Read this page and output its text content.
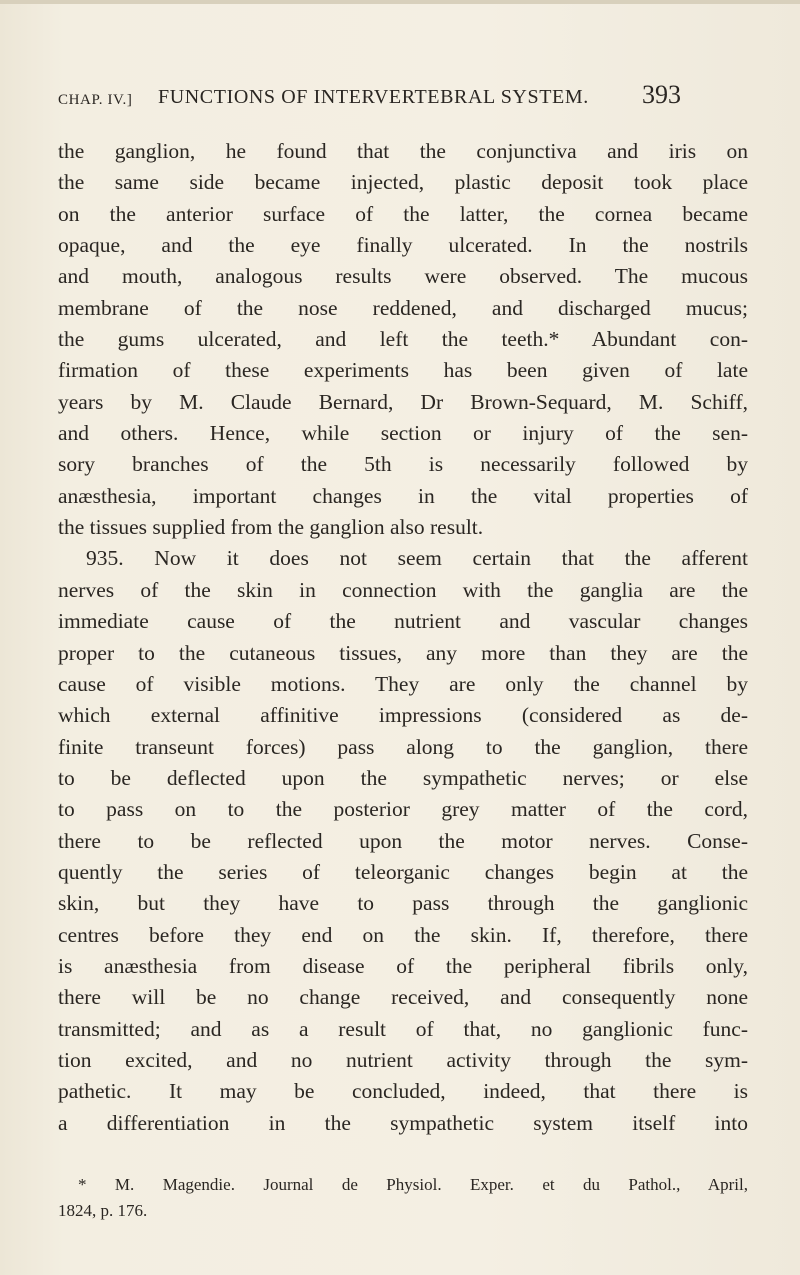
CHAP. IV.] FUNCTIONS OF INTERVERTEBRAL SYSTEM. 393
the ganglion, he found that the conjunctiva and iris on
the same side became injected, plastic deposit took place
on the anterior surface of the latter, the cornea became
opaque, and the eye finally ulcerated. In the nostrils
and mouth, analogous results were observed. The mucous
membrane of the nose reddened, and discharged mucus;
the gums ulcerated, and left the teeth.* Abundant con-
firmation of these experiments has been given of late
years by M. Claude Bernard, Dr Brown-Sequard, M. Schiff,
and others. Hence, while section or injury of the sen-
sory branches of the 5th is necessarily followed by
anæsthesia, important changes in the vital properties of
the tissues supplied from the ganglion also result.
935. Now it does not seem certain that the afferent
nerves of the skin in connection with the ganglia are the
immediate cause of the nutrient and vascular changes
proper to the cutaneous tissues, any more than they are the
cause of visible motions. They are only the channel by
which external affinitive impressions (considered as de-
finite transeunt forces) pass along to the ganglion, there
to be deflected upon the sympathetic nerves; or else
to pass on to the posterior grey matter of the cord,
there to be reflected upon the motor nerves. Conse-
quently the series of teleorganic changes begin at the
skin, but they have to pass through the ganglionic
centres before they end on the skin. If, therefore, there
is anæsthesia from disease of the peripheral fibrils only,
there will be no change received, and consequently none
transmitted; and as a result of that, no ganglionic func-
tion excited, and no nutrient activity through the sym-
pathetic. It may be concluded, indeed, that there is
a differentiation in the sympathetic system itself into
* M. Magendie. Journal de Physiol. Exper. et du Pathol., April,
1824, p. 176.
